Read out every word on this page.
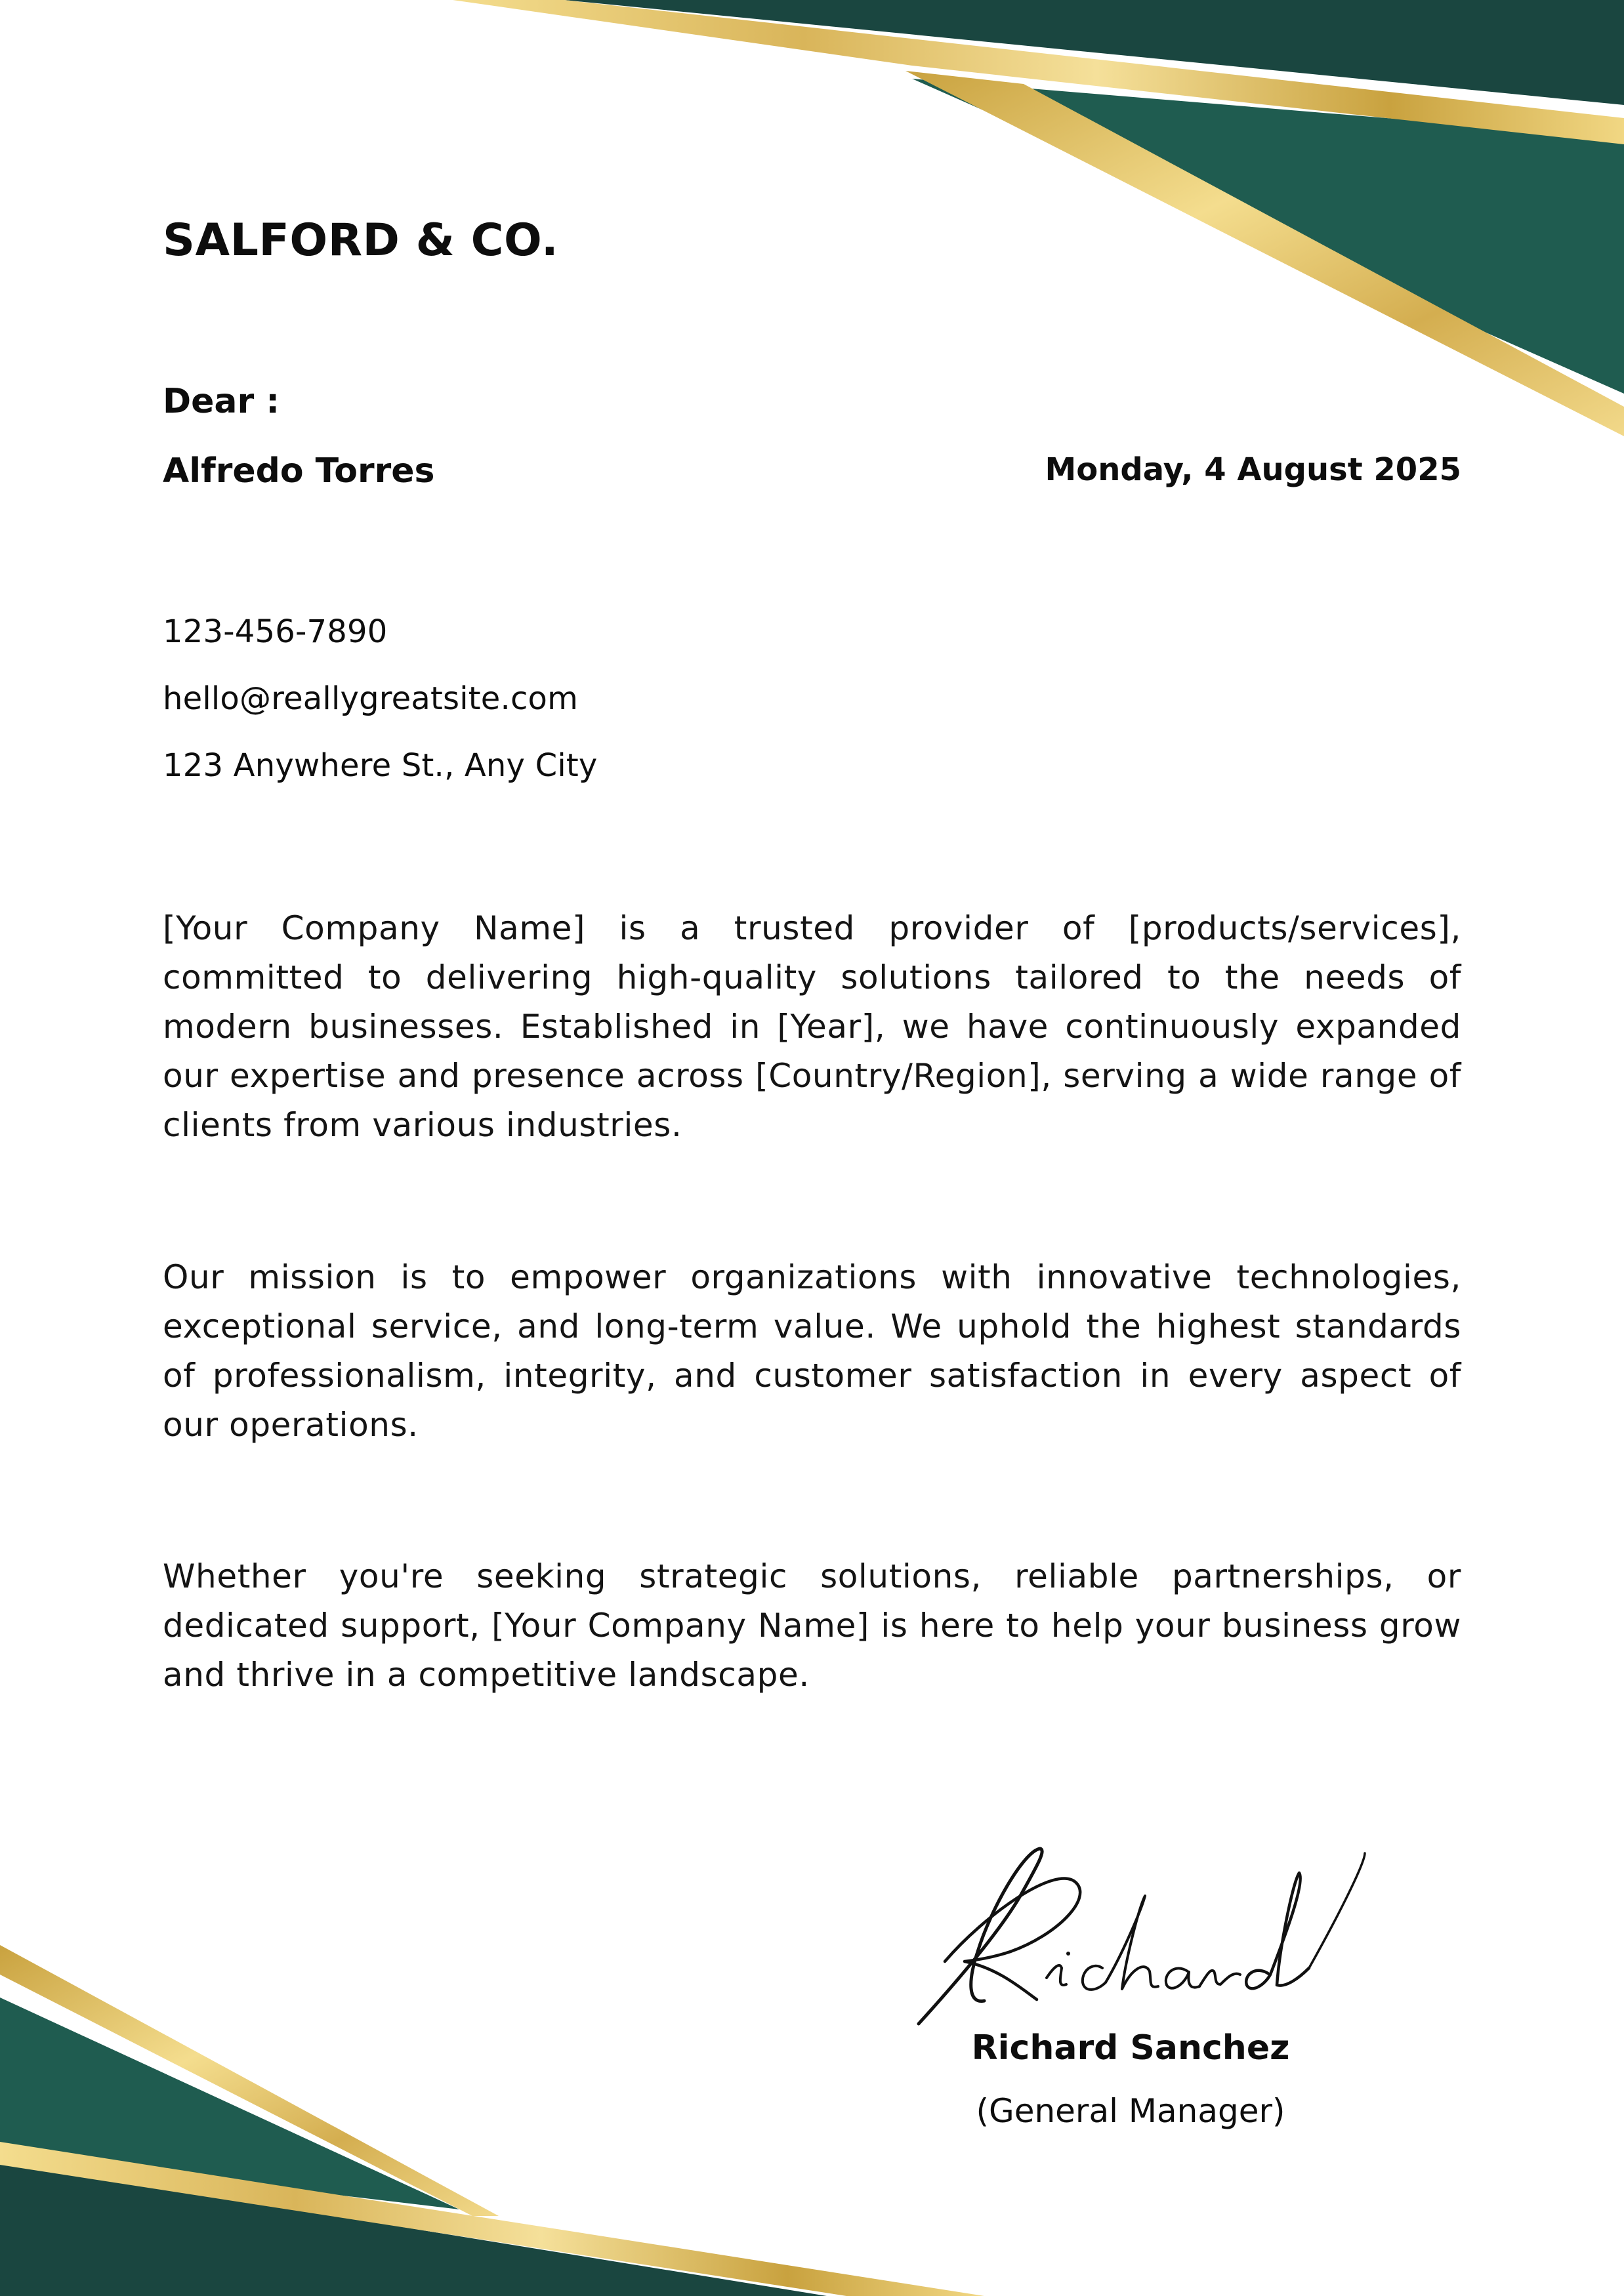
SALFORD & CO.
Dear :
Alfredo Torres	Monday, 4 August 2025
123-456-7890
hello@reallygreatsite.com
123 Anywhere St., Any City

[Your Company Name] is a trusted provider of [products/services], committed to delivering high-quality solutions tailored to the needs of modern businesses. Established in [Year], we have continuously expanded our expertise and presence across [Country/Region], serving a wide range of clients from various industries.

Our mission is to empower organizations with innovative technologies, exceptional service, and long-term value. We uphold the highest standards of professionalism, integrity, and customer satisfaction in every aspect of our operations.

Whether you're seeking strategic solutions, reliable partnerships, or dedicated support, [Your Company Name] is here to help your business grow and thrive in a competitive landscape.

Richard Sanchez
(General Manager)
